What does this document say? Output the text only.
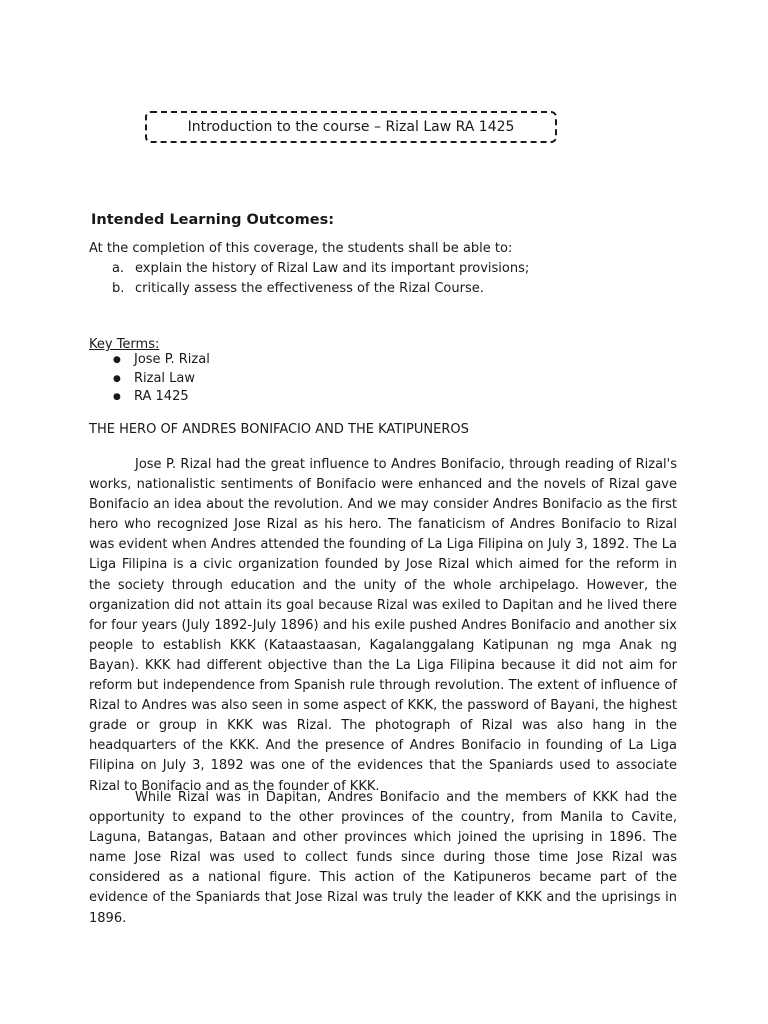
Introduction to the course – Rizal Law RA 1425
Intended Learning Outcomes:
At the completion of this coverage, the students shall be able to:
a. explain the history of Rizal Law and its important provisions;
b. critically assess the effectiveness of the Rizal Course.
Key Terms:
●	Jose P. Rizal
●	Rizal Law
●	RA 1425
THE HERO OF ANDRES BONIFACIO AND THE KATIPUNEROS

Jose P. Rizal had the great influence to Andres Bonifacio, through reading of Rizal's works, nationalistic sentiments of Bonifacio were enhanced and the novels of Rizal gave Bonifacio an idea about the revolution. And we may consider Andres Bonifacio as the first hero who recognized Jose Rizal as his hero. The fanaticism of Andres Bonifacio to Rizal was evident when Andres attended the founding of La Liga Filipina on July 3, 1892. The La Liga Filipina is a civic organization founded by Jose Rizal which aimed for the reform in the society through education and the unity of the whole archipelago. However, the organization did not attain its goal because Rizal was exiled to Dapitan and he lived there for four years (July 1892-July 1896) and his exile pushed Andres Bonifacio and another six people to establish KKK (Kataastaasan, Kagalanggalang Katipunan ng mga Anak ng Bayan). KKK had different objective than the La Liga Filipina because it did not aim for reform but independence from Spanish rule through revolution. The extent of influence of Rizal to Andres was also seen in some aspect of KKK, the password of Bayani, the highest grade or group in KKK was Rizal. The photograph of Rizal was also hang in the headquarters of the KKK. And the presence of Andres Bonifacio in founding of La Liga Filipina on July 3, 1892 was one of the evidences that the Spaniards used to associate Rizal to Bonifacio and as the founder of KKK.

While Rizal was in Dapitan, Andres Bonifacio and the members of KKK had the opportunity to expand to the other provinces of the country, from Manila to Cavite, Laguna, Batangas, Bataan and other provinces which joined the uprising in 1896. The name Jose Rizal was used to collect funds since during those time Jose Rizal was considered as a national figure. This action of the Katipuneros became part of the evidence of the Spaniards that Jose Rizal was truly the leader of KKK and the uprisings in 1896.
